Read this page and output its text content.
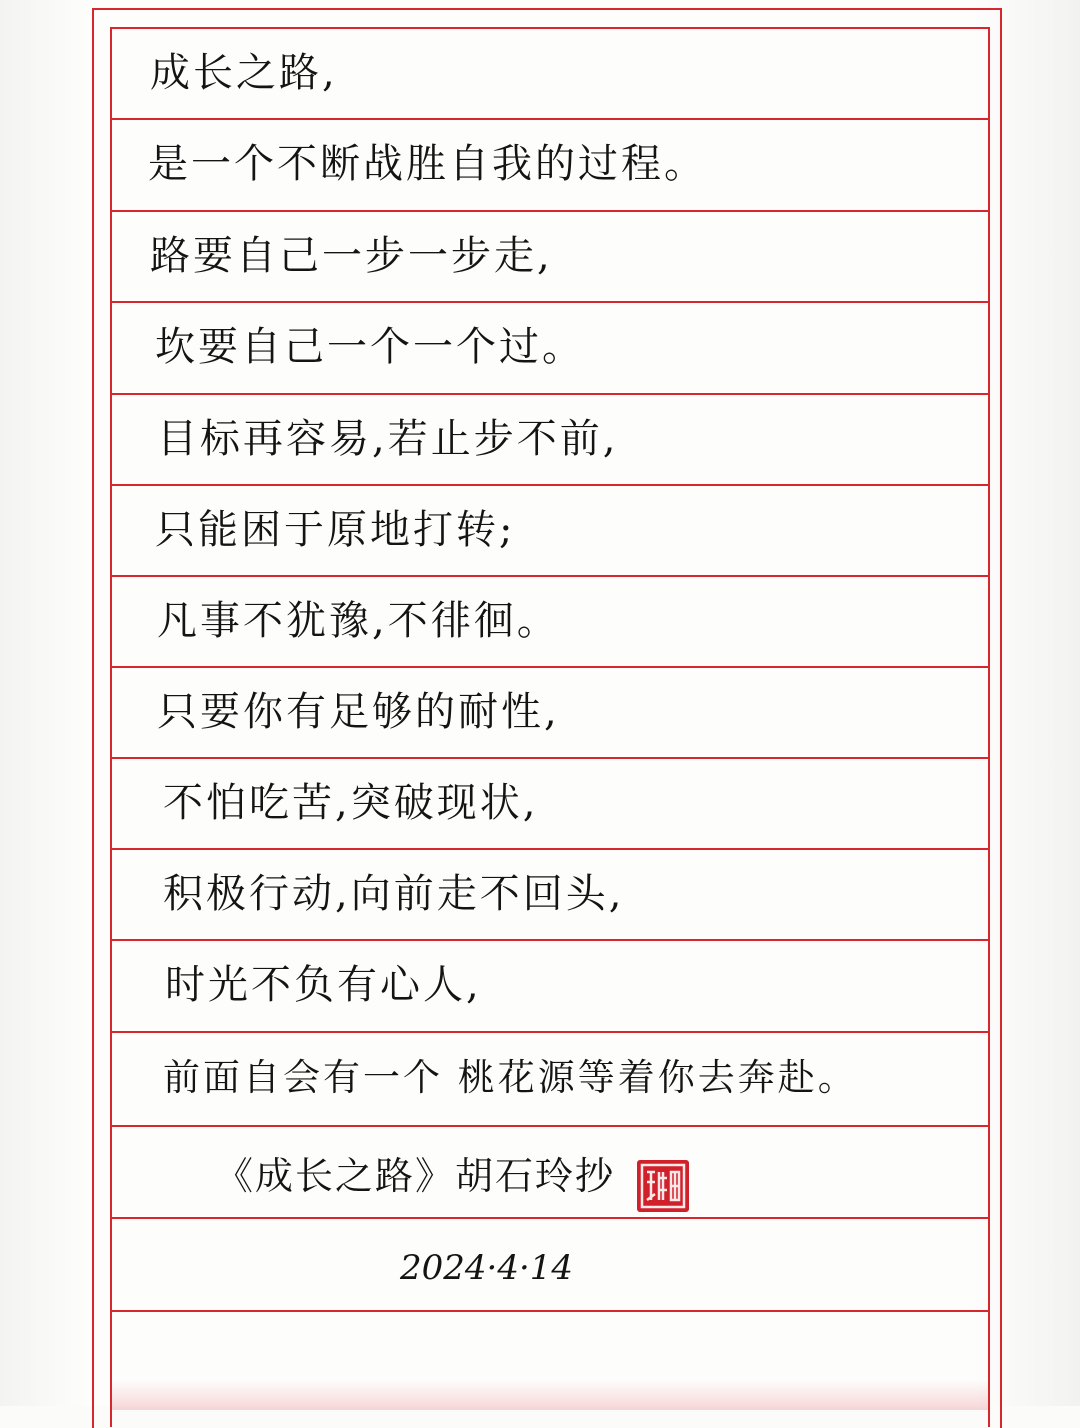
成长之路,
是一个不断战胜自我的过程。
路要自己一步一步走,
坎要自己一个一个过。
目标再容易,若止步不前,
只能困于原地打转;
凡事不犹豫,不徘徊。
只要你有足够的耐性,
不怕吃苦,突破现状,
积极行动,向前走不回头,
时光不负有心人,
前面自会有一个 桃花源等着你去奔赴。
《成长之路》胡石玲抄
2024·4·14
